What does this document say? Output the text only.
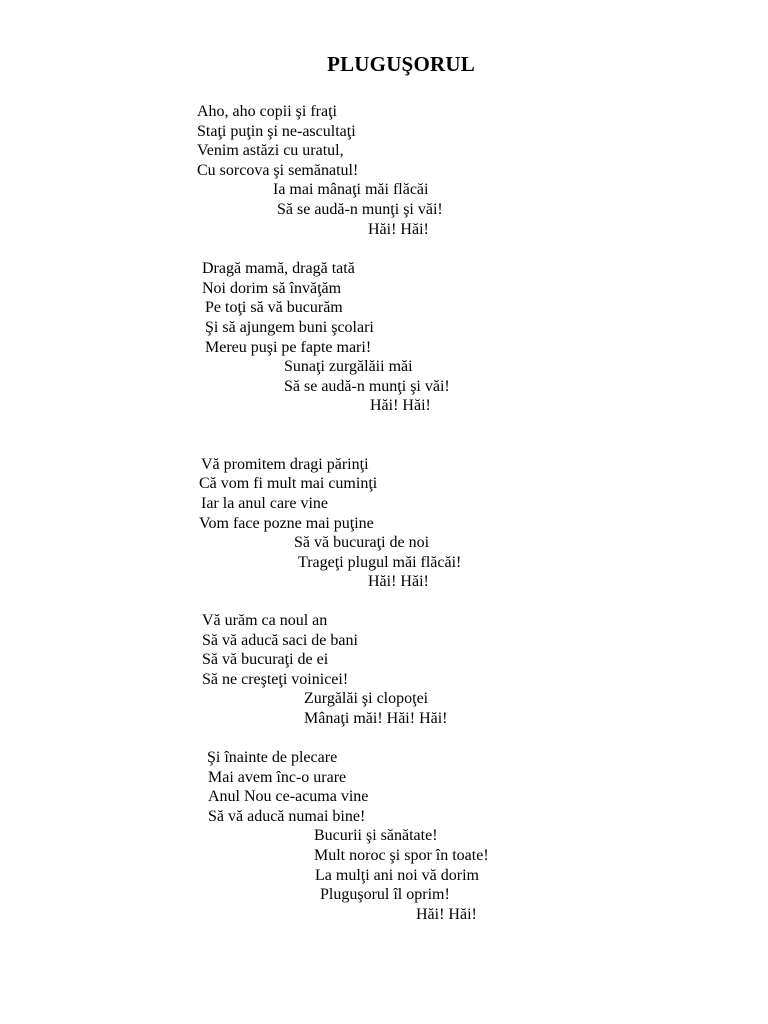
PLUGUŞORUL
Aho, aho copii şi fraţi
Staţi puţin şi ne-ascultaţi
Venim astăzi cu uratul,
Cu sorcova şi semănatul!
Ia mai mânaţi măi flăcăi
Să se audă-n munţi şi văi!
Hăi! Hăi!
Dragă mamă, dragă tată
Noi dorim să învăţăm
Pe toţi să vă bucurăm
Şi să ajungem buni şcolari
Mereu puşi pe fapte mari!
Sunaţi zurgălăii măi
Să se audă-n munţi şi văi!
Hăi! Hăi!
Vă promitem dragi părinţi
Că vom fi mult mai cuminţi
Iar la anul care vine
Vom face pozne mai puţine
Să vă bucuraţi de noi
Trageţi plugul măi flăcăi!
Hăi! Hăi!
Vă urăm ca noul an
Să vă aducă saci de bani
Să vă bucuraţi de ei
Să ne creşteţi voinicei!
Zurgălăi şi clopoţei
Mânaţi măi! Hăi! Hăi!
Şi înainte de plecare
Mai avem înc-o urare
Anul Nou ce-acuma vine
Să vă aducă numai bine!
Bucurii şi sănătate!
Mult noroc şi spor în toate!
La mulţi ani noi vă dorim
Pluguşorul îl oprim!
Hăi! Hăi!
